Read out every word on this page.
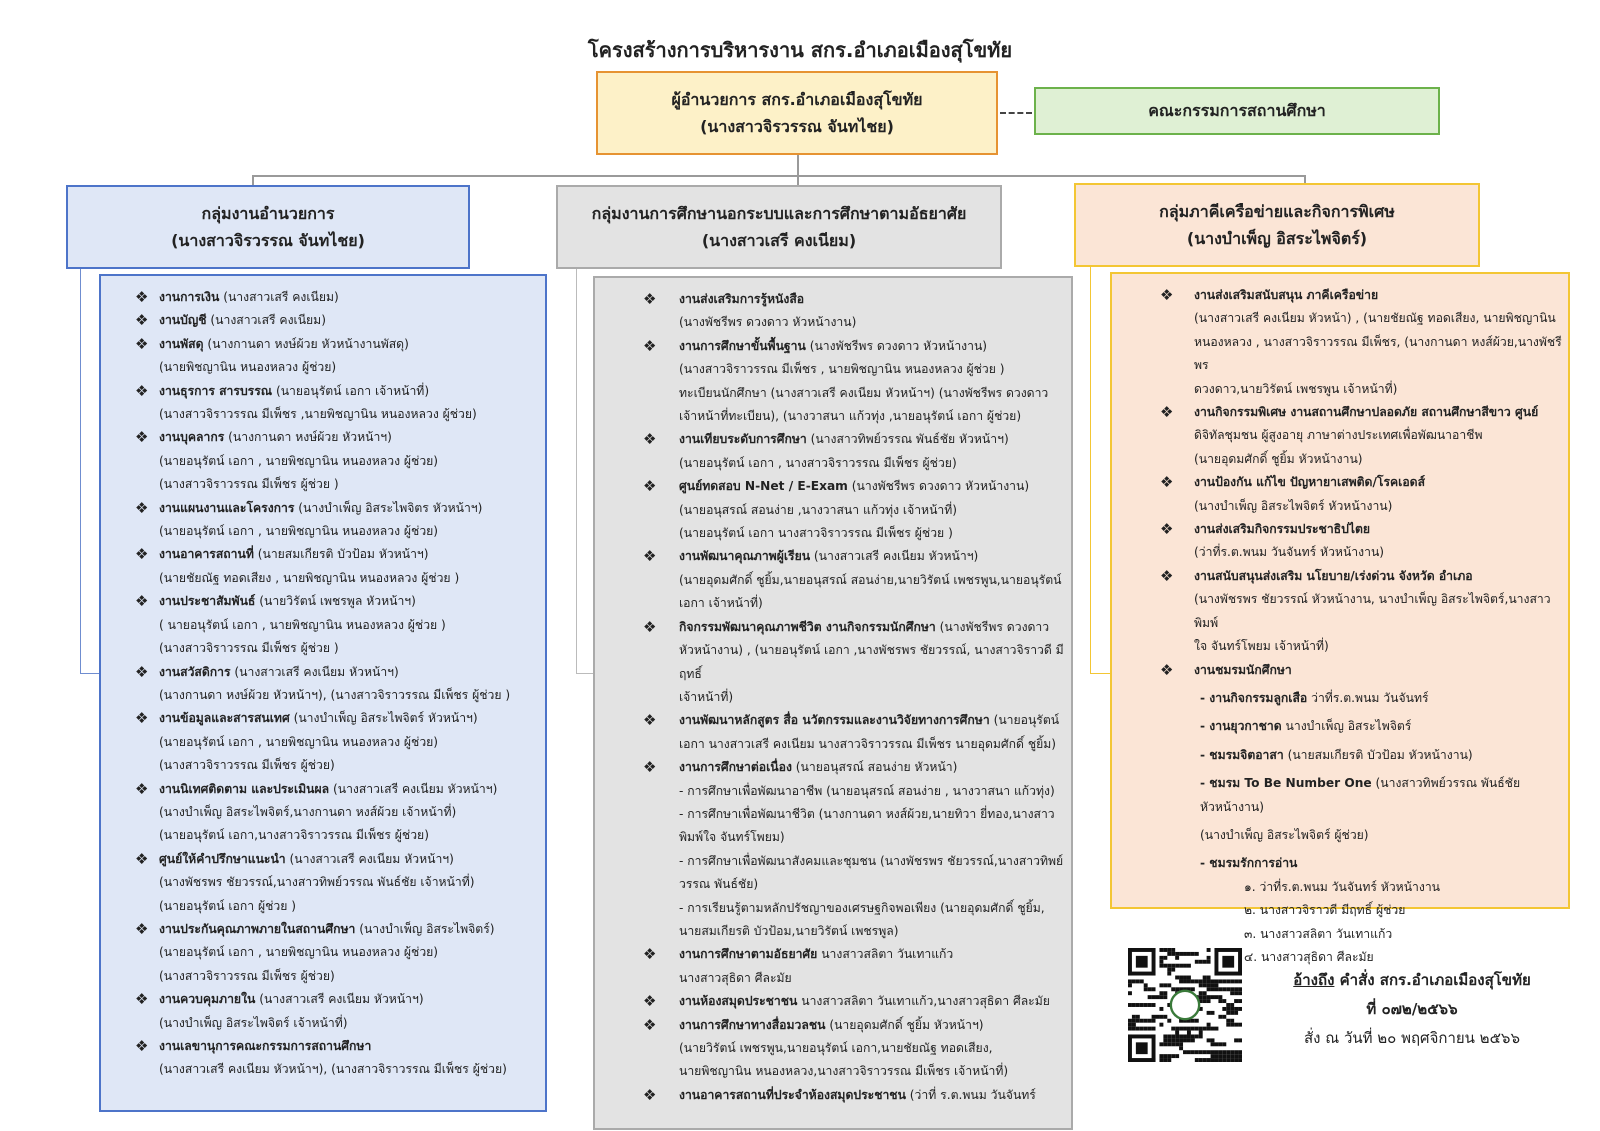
โครงสร้างการบริหารงาน สกร.อำเภอเมืองสุโขทัย
ผู้อำนวยการ สกร.อำเภอเมืองสุโขทัย
(นางสาวจิรวรรณ จันทไชย)
คณะกรรมการสถานศึกษา
กลุ่มงานอำนวยการ
(นางสาวจิรวรรณ จันทไชย)
กลุ่มงานการศึกษานอกระบบและการศึกษาตามอัธยาศัย
(นางสาวเสรี คงเนียม)
กลุ่มภาคีเครือข่ายและกิจการพิเศษ
(นางบำเพ็ญ อิสระไพจิตร์)
❖ งานการเงิน (นางสาวเสรี คงเนียม)
❖ งานบัญชี (นางสาวเสรี คงเนียม)
❖ งานพัสดุ (นางกานดา หงษ์ผ้วย หัวหน้างานพัสดุ)
(นายพิชญานิน หนองหลวง ผู้ช่วย)
❖ งานธุรการ สารบรรณ (นายอนุรัตน์ เอกา เจ้าหน้าที่)
(นางสาวจิราวรรณ มีเพ็ชร ,นายพิชญานิน หนองหลวง ผู้ช่วย)
❖ งานบุคลากร (นางกานดา หงษ์ผ้วย หัวหน้าฯ)
(นายอนุรัตน์ เอกา , นายพิชญานิน หนองหลวง ผู้ช่วย)
(นางสาวจิราวรรณ มีเพ็ชร ผู้ช่วย )
❖ งานแผนงานและโครงการ (นางบำเพ็ญ อิสระไพจิตร หัวหน้าฯ)
(นายอนุรัตน์ เอกา , นายพิชญานิน หนองหลวง ผู้ช่วย)
❖ งานอาคารสถานที่ (นายสมเกียรติ บัวป้อม หัวหน้าฯ)
(นายชัยณัฐ ทอดเสียง , นายพิชญานิน หนองหลวง ผู้ช่วย )
❖ งานประชาสัมพันธ์ (นายวิรัตน์ เพชรพูล หัวหน้าฯ)
( นายอนุรัตน์ เอกา , นายพิชญานิน หนองหลวง ผู้ช่วย )
(นางสาวจิราวรรณ มีเพ็ชร ผู้ช่วย )
❖ งานสวัสดิการ (นางสาวเสรี คงเนียม หัวหน้าฯ)
(นางกานดา หงษ์ผ้วย หัวหน้าฯ), (นางสาวจิราวรรณ มีเพ็ชร ผู้ช่วย )
❖ งานข้อมูลและสารสนเทศ (นางบำเพ็ญ อิสระไพจิตร์ หัวหน้าฯ)
(นายอนุรัตน์ เอกา , นายพิชญานิน หนองหลวง ผู้ช่วย)
(นางสาวจิราวรรณ มีเพ็ชร ผู้ช่วย)
❖ งานนิเทศติดตาม และประเมินผล (นางสาวเสรี คงเนียม หัวหน้าฯ)
(นางบำเพ็ญ อิสระไพจิตร์,นางกานดา หงส์ผ้วย เจ้าหน้าที่)
(นายอนุรัตน์ เอกา,นางสาวจิราวรรณ มีเพ็ชร ผู้ช่วย)
❖ ศูนย์ให้คำปรึกษาแนะนำ (นางสาวเสรี คงเนียม หัวหน้าฯ)
(นางพัชรพร ชัยวรรณ์,นางสาวทิพย์วรรณ พันธ์ชัย เจ้าหน้าที่)
(นายอนุรัตน์ เอกา ผู้ช่วย )
❖ งานประกันคุณภาพภายในสถานศึกษา (นางบำเพ็ญ อิสระไพจิตร์)
(นายอนุรัตน์ เอกา , นายพิชญานิน หนองหลวง ผู้ช่วย)
(นางสาวจิราวรรณ มีเพ็ชร ผู้ช่วย)
❖ งานควบคุมภายใน (นางสาวเสรี คงเนียม หัวหน้าฯ)
(นางบำเพ็ญ อิสระไพจิตร์ เจ้าหน้าที่)
❖ งานเลขานุการคณะกรรมการสถานศึกษา
(นางสาวเสรี คงเนียม หัวหน้าฯ), (นางสาวจิราวรรณ มีเพ็ชร ผู้ช่วย)
❖ งานส่งเสริมการรู้หนังสือ
(นางพัชรีพร ดวงดาว หัวหน้างาน)
❖ งานการศึกษาขั้นพื้นฐาน (นางพัชรีพร ดวงดาว หัวหน้างาน)
(นางสาวจิราวรรณ มีเพ็ชร , นายพิชญานิน หนองหลวง ผู้ช่วย )
ทะเบียนนักศึกษา (นางสาวเสรี คงเนียม หัวหน้าฯ) (นางพัชรีพร ดวงดาว
เจ้าหน้าที่ทะเบียน), (นางวาสนา แก้วทุ่ง ,นายอนุรัตน์ เอกา ผู้ช่วย)
❖ งานเทียบระดับการศึกษา (นางสาวทิพย์วรรณ พันธ์ชัย หัวหน้าฯ)
(นายอนุรัตน์ เอกา , นางสาวจิราวรรณ มีเพ็ชร ผู้ช่วย)
❖ ศูนย์ทดสอบ N-Net / E-Exam (นางพัชรีพร ดวงดาว หัวหน้างาน)
(นายอนุสรณ์ สอนง่าย ,นางวาสนา แก้วทุ่ง เจ้าหน้าที่)
(นายอนุรัตน์ เอกา นางสาวจิราวรรณ มีเพ็ชร ผู้ช่วย )
❖ งานพัฒนาคุณภาพผู้เรียน (นางสาวเสรี คงเนียม หัวหน้าฯ)
(นายอุดมศักดิ์ ชูยิ้ม,นายอนุสรณ์ สอนง่าย,นายวิรัตน์ เพชรพูน,นายอนุรัตน์
เอกา เจ้าหน้าที่)
❖ กิจกรรมพัฒนาคุณภาพชีวิต งานกิจกรรมนักศึกษา (นางพัชรีพร ดวงดาว
หัวหน้างาน) , (นายอนุรัตน์ เอกา ,นางพัชรพร ชัยวรรณ์, นางสาวจิราวดี มีฤทธิ์
เจ้าหน้าที่)
❖ งานพัฒนาหลักสูตร สื่อ นวัตกรรมและงานวิจัยทางการศึกษา (นายอนุรัตน์
เอกา นางสาวเสรี คงเนียม นางสาวจิราวรรณ มีเพ็ชร นายอุดมศักดิ์ ชูยิ้ม)
❖ งานการศึกษาต่อเนื่อง (นายอนุสรณ์ สอนง่าย หัวหน้า)
- การศึกษาเพื่อพัฒนาอาชีพ (นายอนุสรณ์ สอนง่าย , นางวาสนา แก้วทุ่ง)
- การศึกษาเพื่อพัฒนาชีวิต (นางกานดา หงส์ผ้วย,นายทิวา ยี่ทอง,นางสาว
พิมพ์ใจ จันทร์โพยม)
- การศึกษาเพื่อพัฒนาสังคมและชุมชน (นางพัชรพร ชัยวรรณ์,นางสาวทิพย์
วรรณ พันธ์ชัย)
- การเรียนรู้ตามหลักปรัชญาของเศรษฐกิจพอเพียง (นายอุดมศักดิ์ ชูยิ้ม,
นายสมเกียรติ บัวป้อม,นายวิรัตน์ เพชรพูล)
❖ งานการศึกษาตามอัธยาศัย นางสาวสลิตา วันเทาแก้ว
นางสาวสุธิดา ศีละมัย
❖ งานห้องสมุดประชาชน นางสาวสลิตา วันเทาแก้ว,นางสาวสุธิดา ศีละมัย
❖ งานการศึกษาทางสื่อมวลชน (นายอุดมศักดิ์ ชูยิ้ม หัวหน้าฯ)
(นายวิรัตน์ เพชรพูน,นายอนุรัตน์ เอกา,นายชัยณัฐ ทอดเสียง,
นายพิชญานิน หนองหลวง,นางสาวจิราวรรณ มีเพ็ชร เจ้าหน้าที่)
❖ งานอาคารสถานที่ประจำห้องสมุดประชาชน (ว่าที่ ร.ต.พนม วันจันทร์
❖ งานส่งเสริมสนับสนุน ภาคีเครือข่าย
(นางสาวเสรี คงเนียม หัวหน้า) , (นายชัยณัฐ ทอดเสียง, นายพิชญานิน
หนองหลวง , นางสาวจิราวรรณ มีเพ็ชร, (นางกานดา หงส์ผ้วย,นางพัชรีพร
ดวงดาว,นายวิรัตน์ เพชรพูน เจ้าหน้าที่)
❖ งานกิจกรรมพิเศษ งานสถานศึกษาปลอดภัย สถานศึกษาสีขาว ศูนย์ ดิจิทัลชุมชน ผู้สูงอายุ ภาษาต่างประเทศเพื่อพัฒนาอาชีพ
(นายอุดมศักดิ์ ชูยิ้ม หัวหน้างาน)
❖ งานป้องกัน แก้ไข ปัญหายาเสพติด/โรคเอดส์
(นางบำเพ็ญ อิสระไพจิตร์ หัวหน้างาน)
❖ งานส่งเสริมกิจกรรมประชาธิปไตย
(ว่าที่ร.ต.พนม วันจันทร์ หัวหน้างาน)
❖ งานสนับสนุนส่งเสริม นโยบาย/เร่งด่วน จังหวัด อำเภอ
(นางพัชรพร ชัยวรรณ์ หัวหน้างาน, นางบำเพ็ญ อิสระไพจิตร์,นางสาวพิมพ์
ใจ จันทร์โพยม เจ้าหน้าที่)
❖ งานชมรมนักศึกษา
- งานกิจกรรมลูกเสือ ว่าที่ร.ต.พนม วันจันทร์
- งานยุวกาชาด นางบำเพ็ญ อิสระไพจิตร์
- ชมรมจิตอาสา (นายสมเกียรติ บัวป้อม หัวหน้างาน)
- ชมรม To Be Number One (นางสาวทิพย์วรรณ พันธ์ชัย หัวหน้างาน)
(นางบำเพ็ญ อิสระไพจิตร์ ผู้ช่วย)
- ชมรมรักการอ่าน
๑. ว่าที่ร.ต.พนม วันจันทร์ หัวหน้างาน
๒. นางสาวจิราวดี มีฤทธิ์ ผู้ช่วย
๓. นางสาวสลิตา วันเทาแก้ว
๔. นางสาวสุธิดา ศีละมัย
อ้างถึง คำสั่ง สกร.อำเภอเมืองสุโขทัย
ที่ ๐๗๒/๒๕๖๖
สั่ง ณ วันที่ ๒๐ พฤศจิกายน ๒๕๖๖
